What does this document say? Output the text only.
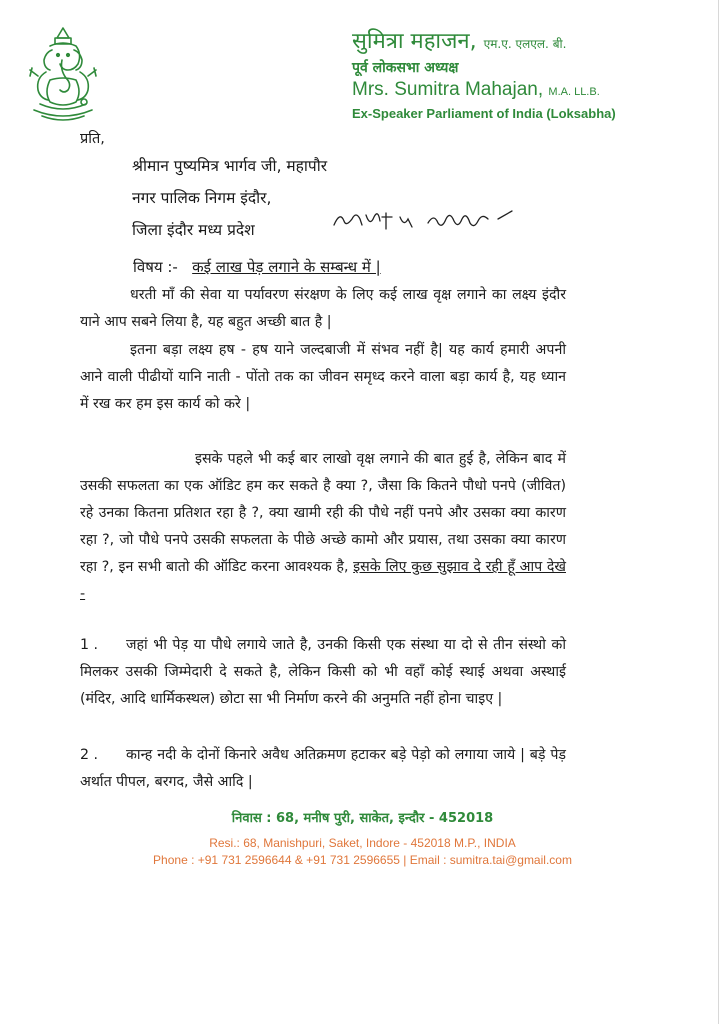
सुमित्रा महाजन, एम.ए. एलएल. बी.
पूर्व लोकसभा अध्यक्ष
Mrs. Sumitra Mahajan, M.A. LL.B.
Ex-Speaker Parliament of India (Loksabha)
प्रति,
श्रीमान पुष्यमित्र भार्गव जी, महापौर
नगर पालिक निगम इंदौर,
जिला इंदौर मध्य प्रदेश
विषय :- कई लाख पेड़ लगाने के सम्बन्ध में |
धरती माँ की सेवा या पर्यावरण संरक्षण के लिए कई लाख वृक्ष लगाने का लक्ष्य इंदौर याने आप सबने लिया है, यह बहुत अच्छी बात है |
इतना बड़ा लक्ष्य हष - हष याने जल्दबाजी में संभव नहीं है| यह कार्य हमारी अपनी आने वाली पीढीयों यानि नाती - पोंतो तक का जीवन समृध्द करने वाला बड़ा कार्य है, यह ध्यान में रख कर हम इस कार्य को करे |
इसके पहले भी कई बार लाखो वृक्ष लगाने की बात हुई है, लेकिन बाद में उसकी सफलता का एक ऑडिट हम कर सकते है क्या ?, जैसा कि कितने पौधो पनपे (जीवित) रहे उनका कितना प्रतिशत रहा है ?, क्या खामी रही की पौधे नहीं पनपे और उसका क्या कारण रहा ?, जो पौधे पनपे उसकी सफलता के पीछे अच्छे कामो और प्रयास, तथा उसका क्या कारण रहा ?, इन सभी बातो की ऑडिट करना आवश्यक है, इसके लिए कुछ सुझाव दे रही हूँ आप देखे -
1 . जहां भी पेड़ या पौधे लगाये जाते है, उनकी किसी एक संस्था या दो से तीन संस्थो को मिलकर उसकी जिम्मेदारी दे सकते है, लेकिन किसी को भी वहाँ कोई स्थाई अथवा अस्थाई (मंदिर, आदि धार्मिकस्थल) छोटा सा भी निर्माण करने की अनुमति नहीं होना चाइए |
2 . कान्ह नदी के दोनों किनारे अवैध अतिक्रमण हटाकर बड़े पेड़ो को लगाया जाये | बड़े पेड़ अर्थात पीपल, बरगद, जैसे आदि |
निवास : 68, मनीष पुरी, साकेत, इन्दौर - 452018
Resi.: 68, Manishpuri, Saket, Indore - 452018 M.P., INDIA
Phone : +91 731 2596644 & +91 731 2596655 | Email : sumitra.tai@gmail.com
